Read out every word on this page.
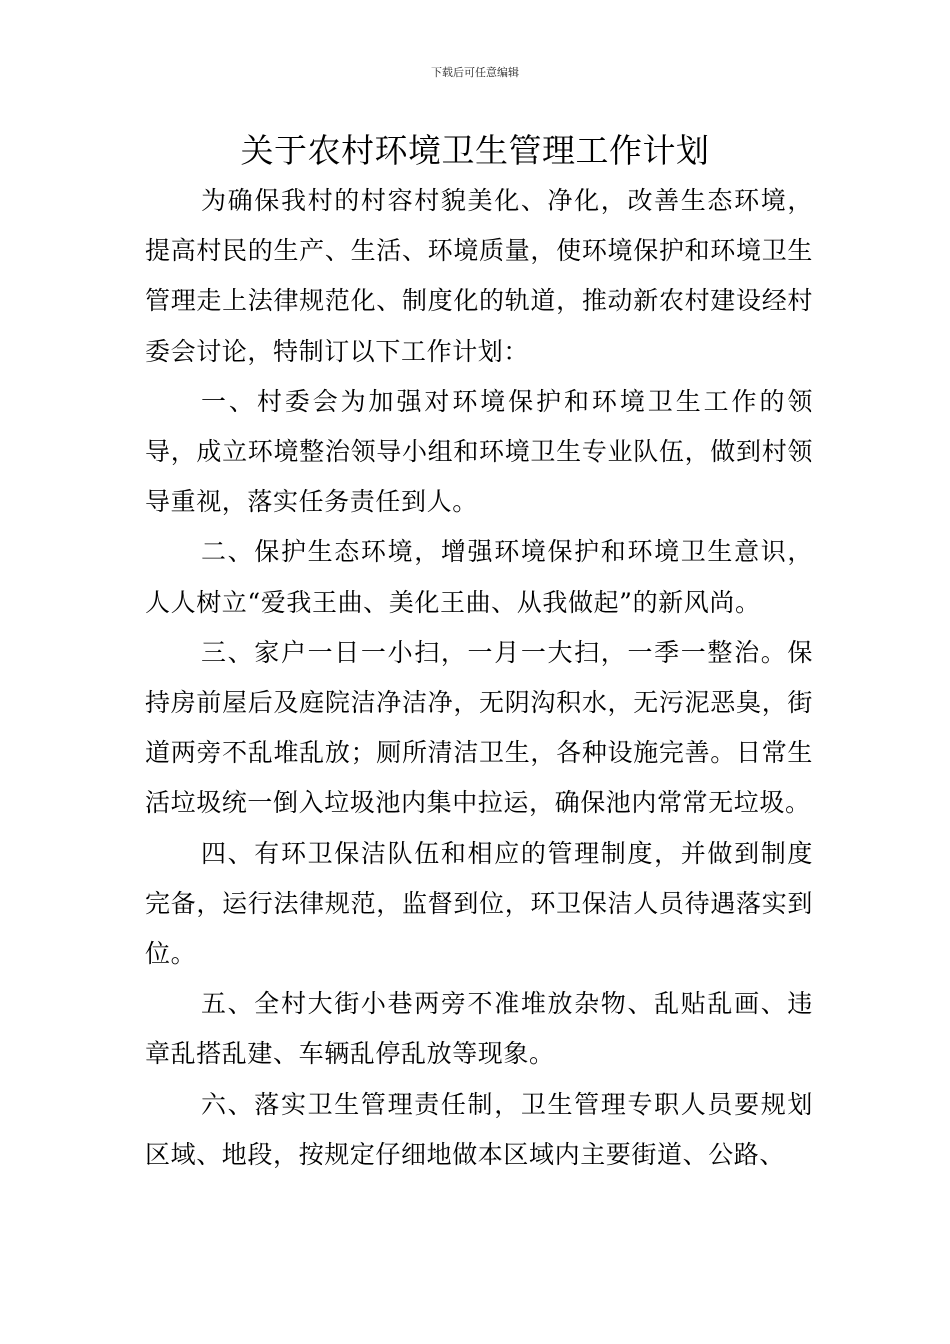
下载后可任意编辑
关于农村环境卫生管理工作计划

为确保我村的村容村貌美化、净化，改善生态环境，提高村民的生产、生活、环境质量，使环境保护和环境卫生管理走上法律规范化、制度化的轨道，推动新农村建设经村委会讨论，特制订以下工作计划：

一、村委会为加强对环境保护和环境卫生工作的领导，成立环境整治领导小组和环境卫生专业队伍，做到村领导重视，落实任务责任到人。

二、保护生态环境，增强环境保护和环境卫生意识，人人树立“爱我王曲、美化王曲、从我做起”的新风尚。

三、家户一日一小扫，一月一大扫，一季一整治。保持房前屋后及庭院洁净洁净，无阴沟积水，无污泥恶臭，街道两旁不乱堆乱放；厕所清洁卫生，各种设施完善。日常生活垃圾统一倒入垃圾池内集中拉运，确保池内常常无垃圾。

四、有环卫保洁队伍和相应的管理制度，并做到制度完备，运行法律规范，监督到位，环卫保洁人员待遇落实到位。

五、全村大街小巷两旁不准堆放杂物、乱贴乱画、违章乱搭乱建、车辆乱停乱放等现象。

六、落实卫生管理责任制，卫生管理专职人员要规划区域、地段，按规定仔细地做本区域内主要街道、公路、
